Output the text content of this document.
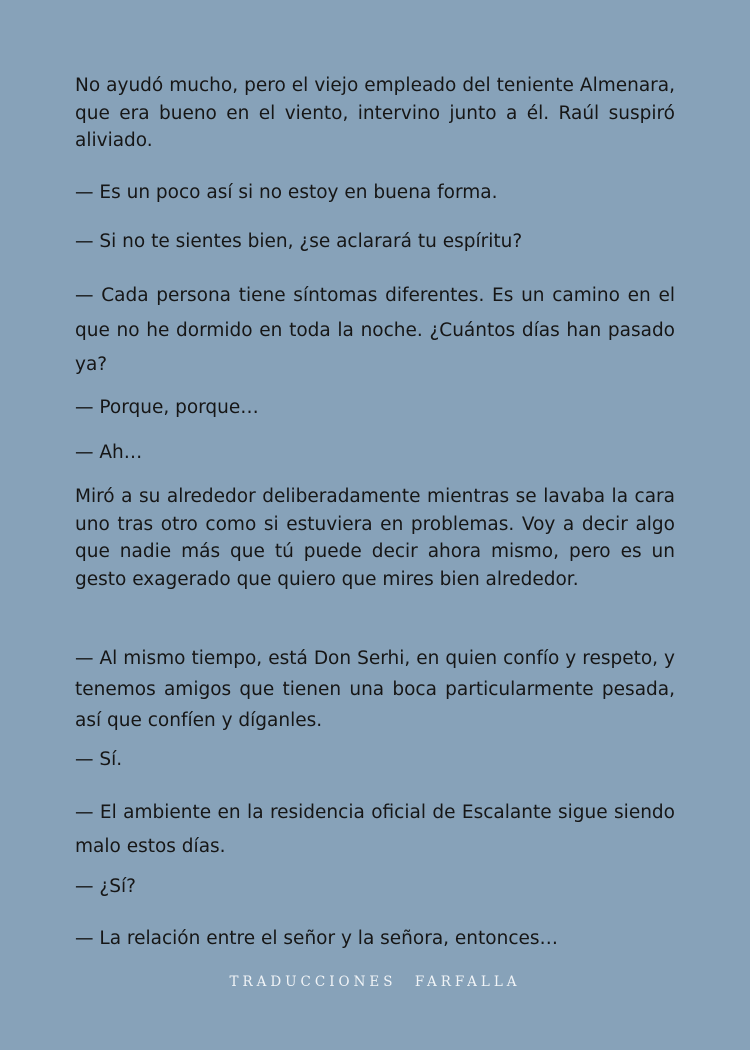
No ayudó mucho, pero el viejo empleado del teniente Almenara, que era bueno en el viento, intervino junto a él. Raúl suspiró aliviado.

— Es un poco así si no estoy en buena forma.

— Si no te sientes bien, ¿se aclarará tu espíritu?

— Cada persona tiene síntomas diferentes. Es un camino en el que no he dormido en toda la noche. ¿Cuántos días han pasado ya?

— Porque, porque…

— Ah…

Miró a su alrededor deliberadamente mientras se lavaba la cara uno tras otro como si estuviera en problemas. Voy a decir algo que nadie más que tú puede decir ahora mismo, pero es un gesto exagerado que quiero que mires bien alrededor.

— Al mismo tiempo, está Don Serhi, en quien confío y respeto, y tenemos amigos que tienen una boca particularmente pesada, así que confíen y díganles.

— Sí.

— El ambiente en la residencia oficial de Escalante sigue siendo malo estos días.

— ¿Sí?

— La relación entre el señor y la señora, entonces…

TRADUCCIONES FARFALLA
